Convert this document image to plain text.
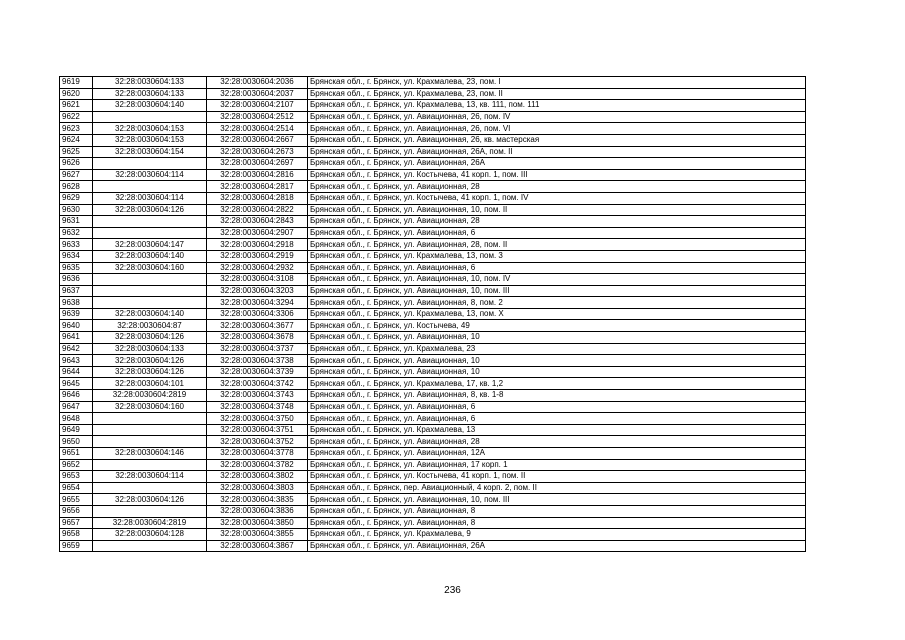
9619	32:28:0030604:133	32:28:0030604:2036	Брянская обл., г. Брянск, ул. Крахмалева, 23, пом. I
9620	32:28:0030604:133	32:28:0030604:2037	Брянская обл., г. Брянск, ул. Крахмалева, 23, пом. II
9621	32:28:0030604:140	32:28:0030604:2107	Брянская обл., г. Брянск, ул. Крахмалева, 13, кв. 111, пом. 111
9622		32:28:0030604:2512	Брянская обл., г. Брянск, ул. Авиационная, 26, пом. IV
9623	32:28:0030604:153	32:28:0030604:2514	Брянская обл., г. Брянск, ул. Авиационная, 26, пом. VI
9624	32:28:0030604:153	32:28:0030604:2667	Брянская обл., г. Брянск, ул. Авиационная, 26, кв. мастерская
9625	32:28:0030604:154	32:28:0030604:2673	Брянская обл., г. Брянск, ул. Авиационная, 26А, пом. II
9626		32:28:0030604:2697	Брянская обл., г. Брянск, ул. Авиационная, 26А
9627	32:28:0030604:114	32:28:0030604:2816	Брянская обл., г. Брянск, ул. Костычева, 41 корп. 1, пом. III
9628		32:28:0030604:2817	Брянская обл., г. Брянск, ул. Авиационная, 28
9629	32:28:0030604:114	32:28:0030604:2818	Брянская обл., г. Брянск, ул. Костычева, 41 корп. 1, пом. IV
9630	32:28:0030604:126	32:28:0030604:2822	Брянская обл., г. Брянск, ул. Авиационная, 10, пом. II
9631		32:28:0030604:2843	Брянская обл., г. Брянск, ул. Авиационная, 28
9632		32:28:0030604:2907	Брянская обл., г. Брянск, ул. Авиационная, 6
9633	32:28:0030604:147	32:28:0030604:2918	Брянская обл., г. Брянск, ул. Авиационная, 28, пом. II
9634	32:28:0030604:140	32:28:0030604:2919	Брянская обл., г. Брянск, ул. Крахмалева, 13, пом. 3
9635	32:28:0030604:160	32:28:0030604:2932	Брянская обл., г. Брянск, ул. Авиационная, 6
9636		32:28:0030604:3108	Брянская обл., г. Брянск, ул. Авиационная, 10, пом. IV
9637		32:28:0030604:3203	Брянская обл., г. Брянск, ул. Авиационная, 10, пом. III
9638		32:28:0030604:3294	Брянская обл., г. Брянск, ул. Авиационная, 8, пом. 2
9639	32:28:0030604:140	32:28:0030604:3306	Брянская обл., г. Брянск, ул. Крахмалева, 13, пом. X
9640	32:28:0030604:87	32:28:0030604:3677	Брянская обл., г. Брянск, ул. Костычева, 49
9641	32:28:0030604:126	32:28:0030604:3678	Брянская обл., г. Брянск, ул. Авиационная, 10
9642	32:28:0030604:133	32:28:0030604:3737	Брянская обл., г. Брянск, ул. Крахмалева, 23
9643	32:28:0030604:126	32:28:0030604:3738	Брянская обл., г. Брянск, ул. Авиационная, 10
9644	32:28:0030604:126	32:28:0030604:3739	Брянская обл., г. Брянск, ул. Авиационная, 10
9645	32:28:0030604:101	32:28:0030604:3742	Брянская обл., г. Брянск, ул. Крахмалева, 17, кв. 1,2
9646	32:28:0030604:2819	32:28:0030604:3743	Брянская обл., г. Брянск, ул. Авиационная, 8, кв. 1-8
9647	32:28:0030604:160	32:28:0030604:3748	Брянская обл., г. Брянск, ул. Авиационная, 6
9648		32:28:0030604:3750	Брянская обл., г. Брянск, ул. Авиационная, 6
9649		32:28:0030604:3751	Брянская обл., г. Брянск, ул. Крахмалева, 13
9650		32:28:0030604:3752	Брянская обл., г. Брянск, ул. Авиационная, 28
9651	32:28:0030604:146	32:28:0030604:3778	Брянская обл., г. Брянск, ул. Авиационная, 12А
9652		32:28:0030604:3782	Брянская обл., г. Брянск, ул. Авиационная, 17 корп. 1
9653	32:28:0030604:114	32:28:0030604:3802	Брянская обл., г. Брянск, ул. Костычева, 41 корп. 1, пом. II
9654		32:28:0030604:3803	Брянская обл., г. Брянск, пер. Авиационный, 4 корп. 2, пом. II
9655	32:28:0030604:126	32:28:0030604:3835	Брянская обл., г. Брянск, ул. Авиационная, 10, пом. III
9656		32:28:0030604:3836	Брянская обл., г. Брянск, ул. Авиационная, 8
9657	32:28:0030604:2819	32:28:0030604:3850	Брянская обл., г. Брянск, ул. Авиационная, 8
9658	32:28:0030604:128	32:28:0030604:3855	Брянская обл., г. Брянск, ул. Крахмалева, 9
9659		32:28:0030604:3867	Брянская обл., г. Брянск, ул. Авиационная, 26А
236
